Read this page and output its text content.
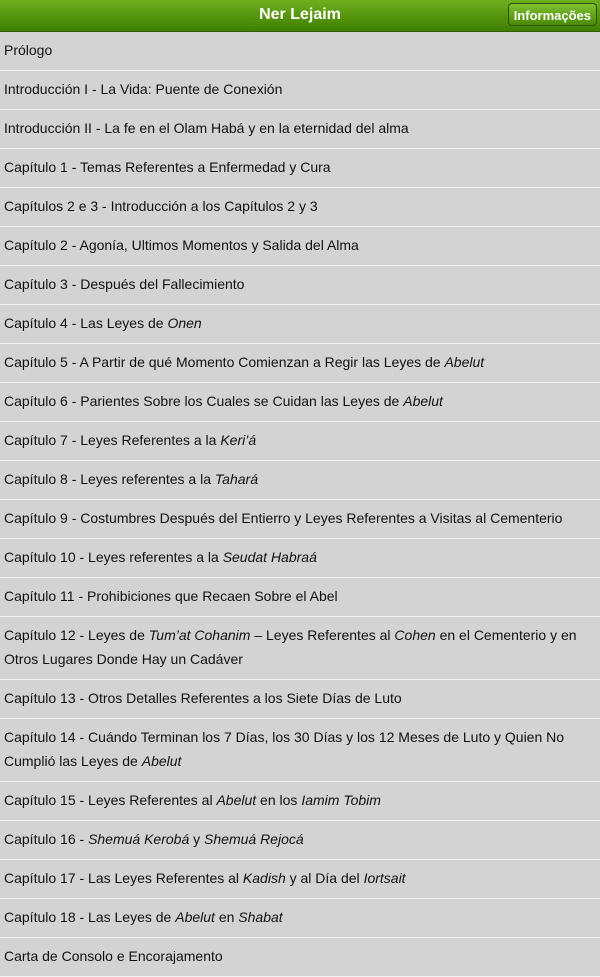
Ner Lejaim	Informações
Prólogo
Introducción I - La Vida: Puente de Conexión
Introducción II - La fe en el Olam Habá y en la eternidad del alma
Capítulo 1 - Temas Referentes a Enfermedad y Cura
Capítulos 2 e 3 - Introducción a los Capítulos 2 y 3
Capítulo 2 - Agonía, Ultimos Momentos y Salida del Alma
Capítulo 3 - Después del Fallecimiento
Capítulo 4 - Las Leyes de Onen
Capítulo 5 - A Partir de qué Momento Comienzan a Regir las Leyes de Abelut
Capítulo 6 - Parientes Sobre los Cuales se Cuidan las Leyes de Abelut
Capítulo 7 - Leyes Referentes a la Keri’á
Capítulo 8 - Leyes referentes a la Tahará
Capítulo 9 - Costumbres Después del Entierro y Leyes Referentes a Visitas al Cementerio
Capítulo 10 - Leyes referentes a la Seudat Habraá
Capítulo 11 - Prohibiciones que Recaen Sobre el Abel
Capítulo 12 - Leyes de Tum’at Cohanim – Leyes Referentes al Cohen en el Cementerio y en Otros Lugares Donde Hay un Cadáver
Capítulo 13 - Otros Detalles Referentes a los Siete Días de Luto
Capítulo 14 - Cuándo Terminan los 7 Días, los 30 Días y los 12 Meses de Luto y Quien No Cumplió las Leyes de Abelut
Capítulo 15 - Leyes Referentes al Abelut en los Iamim Tobim
Capítulo 16 - Shemuá Kerobá y Shemuá Rejocá
Capítulo 17 - Las Leyes Referentes al Kadish y al Día del Iortsait
Capítulo 18 - Las Leyes de Abelut en Shabat
Carta de Consolo e Encorajamento
